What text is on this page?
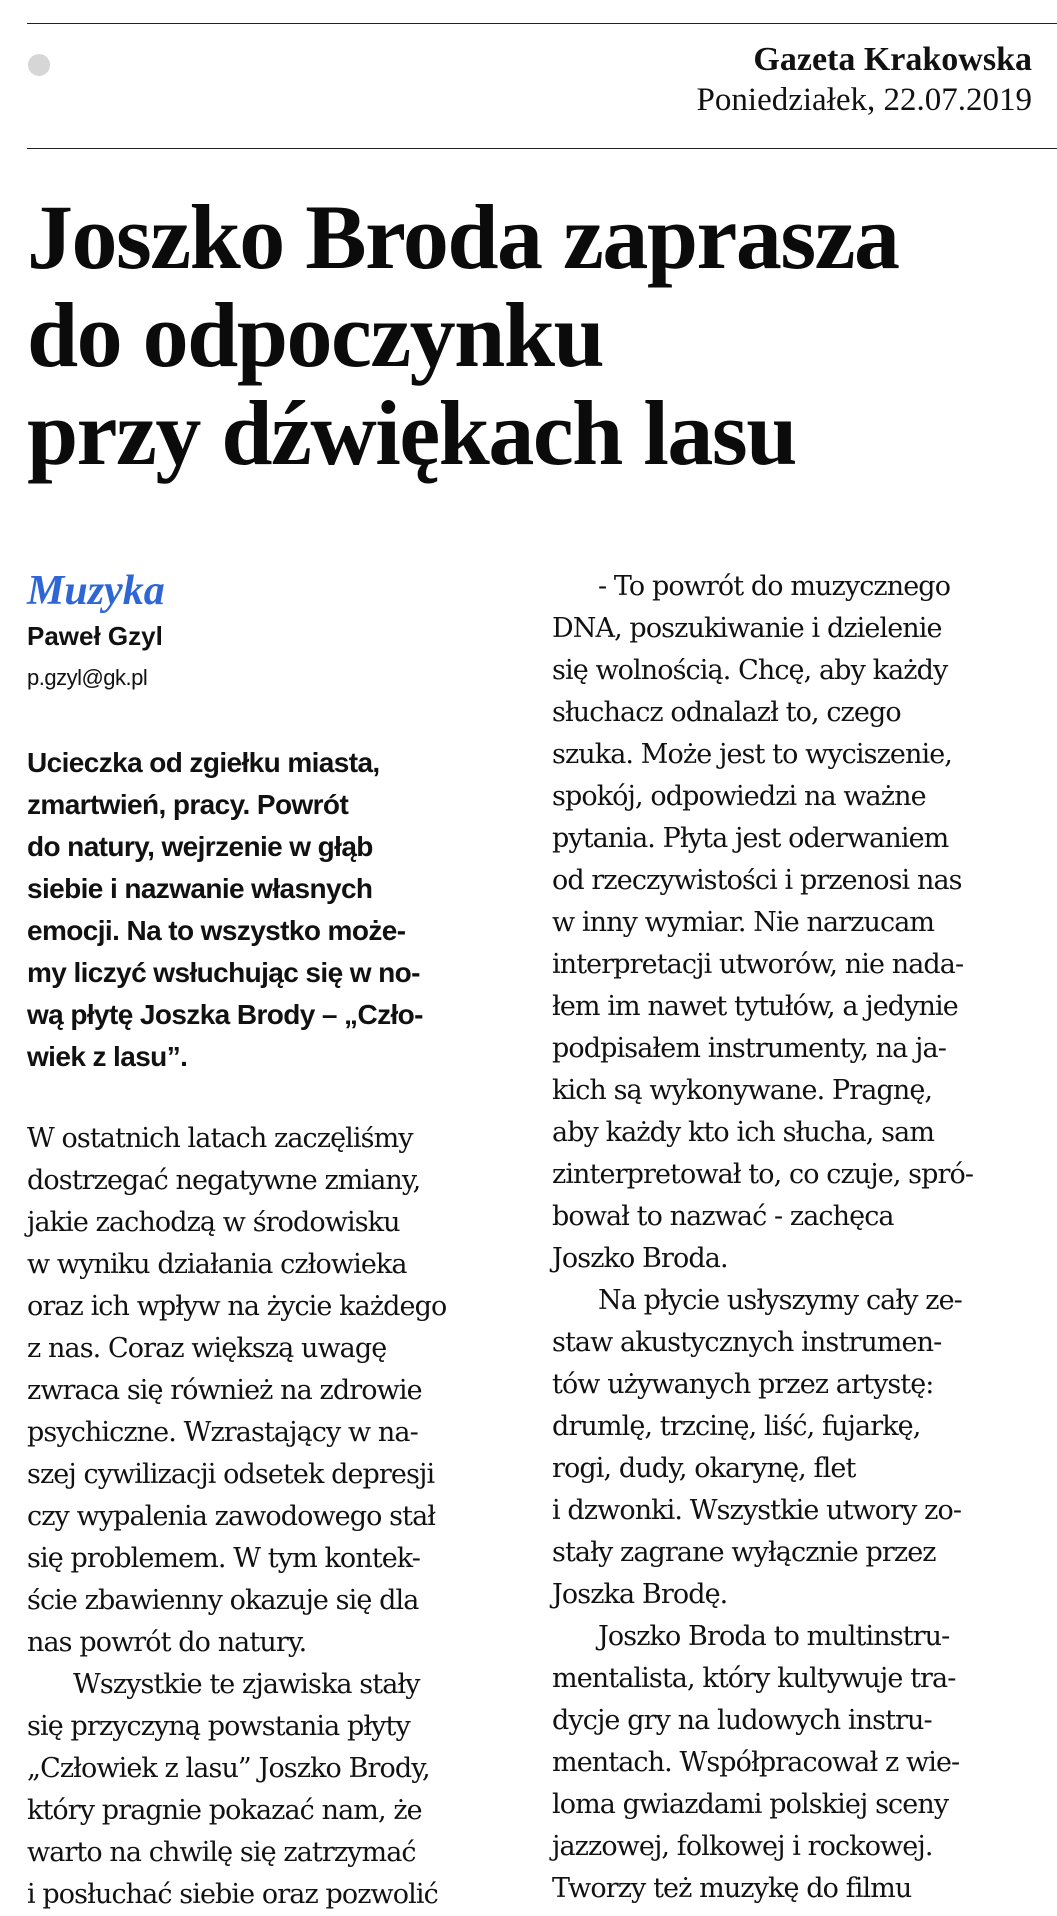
Gazeta Krakowska
Poniedziałek, 22.07.2019
Joszko Broda zaprasza
do odpoczynku
przy dźwiękach lasu
Muzyka
Paweł Gzyl
p.gzyl@gk.pl
Ucieczka od zgiełku miasta,
zmartwień, pracy. Powrót
do natury, wejrzenie w głąb
siebie i nazwanie własnych
emocji. Na to wszystko może-
my liczyć wsłuchując się w no-
wą płytę Joszka Brody – „Czło-
wiek z lasu”.

W ostatnich latach zaczęliśmy
dostrzegać negatywne zmiany,
jakie zachodzą w środowisku
w wyniku działania człowieka
oraz ich wpływ na życie każdego
z nas. Coraz większą uwagę
zwraca się również na zdrowie
psychiczne. Wzrastający w na-
szej cywilizacji odsetek depresji
czy wypalenia zawodowego stał
się problemem. W tym kontek-
ście zbawienny okazuje się dla
nas powrót do natury.

Wszystkie te zjawiska stały
się przyczyną powstania płyty
„Człowiek z lasu” Joszko Brody,
który pragnie pokazać nam, że
warto na chwilę się zatrzymać
i posłuchać siebie oraz pozwolić

- To powrót do muzycznego
DNA, poszukiwanie i dzielenie
się wolnością. Chcę, aby każdy
słuchacz odnalazł to, czego
szuka. Może jest to wyciszenie,
spokój, odpowiedzi na ważne
pytania. Płyta jest oderwaniem
od rzeczywistości i przenosi nas
w inny wymiar. Nie narzucam
interpretacji utworów, nie nada-
łem im nawet tytułów, a jedynie
podpisałem instrumenty, na ja-
kich są wykonywane. Pragnę,
aby każdy kto ich słucha, sam
zinterpretował to, co czuje, spró-
bował to nazwać - zachęca
Joszko Broda.

Na płycie usłyszymy cały ze-
staw akustycznych instrumen-
tów używanych przez artystę:
drumlę, trzcinę, liść, fujarkę,
rogi, dudy, okarynę, flet
i dzwonki. Wszystkie utwory zo-
stały zagrane wyłącznie przez
Joszka Brodę.

Joszko Broda to multinstru-
mentalista, który kultywuje tra-
dycje gry na ludowych instru-
mentach. Współpracował z wie-
loma gwiazdami polskiej sceny
jazzowej, folkowej i rockowej.
Tworzy też muzykę do filmu
